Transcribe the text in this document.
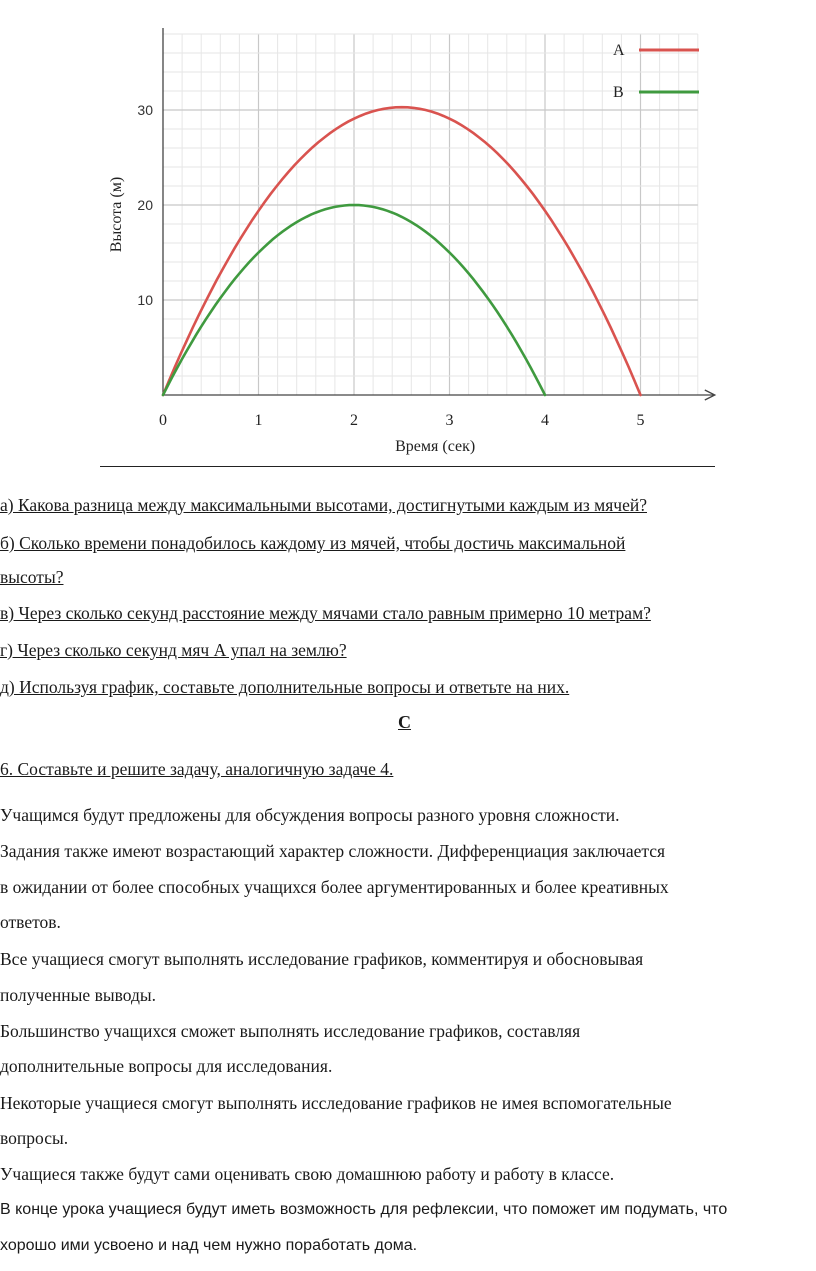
0	1	2	3	4	5
10
20
30
Время (сек)
Высота (м)
A
B
а) Какова разница между максимальными высотами, достигнутыми каждым из мячей?
б) Сколько времени понадобилось каждому из мячей, чтобы достичь максимальной
высоты?
в) Через сколько секунд расстояние между мячами стало равным примерно 10 метрам?
г) Через сколько секунд мяч А упал на землю?
д) Используя график, составьте дополнительные вопросы и ответьте на них.
C
6. Составьте и решите задачу, аналогичную задаче 4.
Учащимся будут предложены для обсуждения вопросы разного уровня сложности.
Задания также имеют возрастающий характер сложности. Дифференциация заключается
в ожидании от более способных учащихся более аргументированных и более креативных
ответов.
Все учащиеся смогут выполнять исследование графиков, комментируя и обосновывая
полученные выводы.
Большинство учащихся сможет выполнять исследование графиков, составляя
дополнительные вопросы для исследования.
Некоторые учащиеся смогут выполнять исследование графиков не имея вспомогательные
вопросы.
Учащиеся также будут сами оценивать свою домашнюю работу и работу в классе.
В конце урока учащиеся будут иметь возможность для рефлексии, что поможет им подумать, что
хорошо ими усвоено и над чем нужно поработать дома.
